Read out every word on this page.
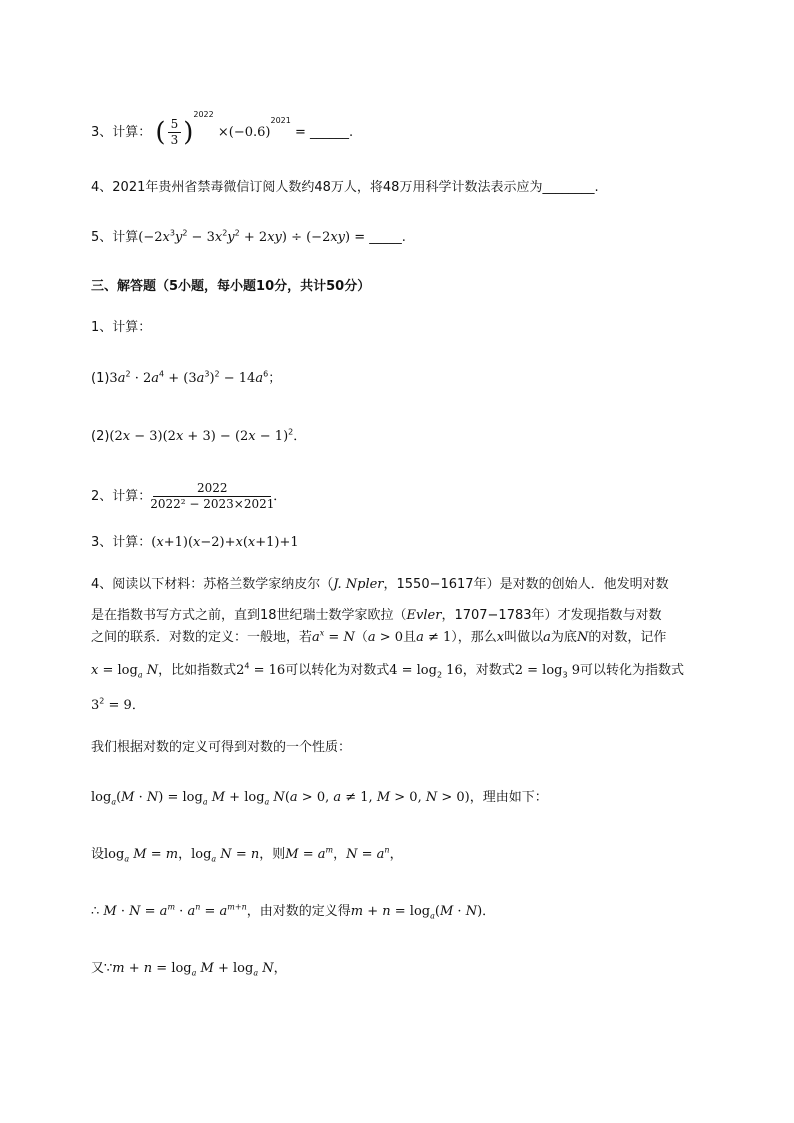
3、计算： ( $\frac{5}{3} )^{2022} \times(-0.6)^{2021}$ = ______.
4、2021年贵州省禁毒微信订阅人数约48万人，将48万用科学计数法表示应为________.
5、计算$(-2x^3y^2 - 3x^2y^2 + 2xy) \div (-2xy)$ = _____.
三、解答题（5小题，每小题10分，共计50分）
1、计算：
$(1)3a^2 \cdot 2a^4 + (3a^3)^2 - 14a^6$；
$(2)(2x - 3)(2x + 3) - (2x - 1)^2$．
2、计算： $\frac{2022}{\text{2022² − 2023×2021}}$ ．
3、计算：(x+1)(x−2)+x(x+1)+1
4、阅读以下材料：苏格兰数学家纳皮尔（J. Npler，1550−1617年）是对数的创始人．他发明对数
是在指数书写方式之前，直到18世纪瑞士数学家欧拉（Evler，1707−1783年）才发现指数与对数
之间的联系．对数的定义：一般地，若$a^x = N(a > 0$且a ≠ 1），那么x叫做以a为底N的对数，记作
$x = \log_a N$，比如指数式$2^4 = 16$可以转化为对数式$4 = \log_2 16$，对数式$2 = \log_3 9$可以转化为指数式
$3^2 = 9$．
我们根据对数的定义可得到对数的一个性质：
$\log_a(M \cdot N) = \log_a M + \log_a N(a > 0$, a ≠ 1, M > 0, N > 0)，理由如下：
设$\log_a M = m$，$\log_a N = n$，则$M = a^m$，$N = a^n$，
∴ $M \cdot N = a^m \cdot a^n = a^{m+n}$，由对数的定义得$m + n = \log_a(M \cdot N)$．
又∵m + $n = \log_a M + \log_a N$，
